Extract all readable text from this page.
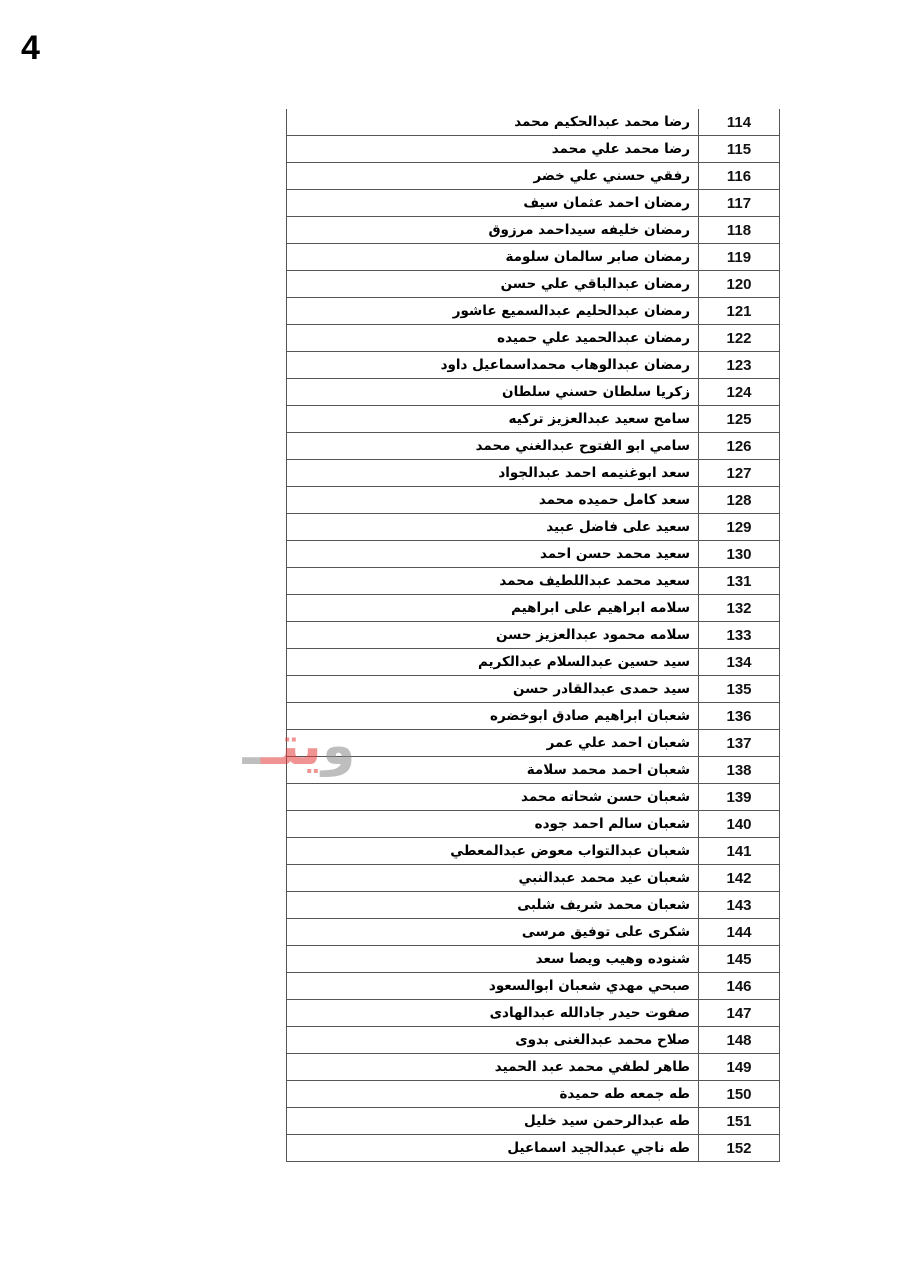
4
رضا محمد عبدالحكيم محمد	114
رضا محمد علي محمد	115
رفقي حسني علي خضر	116
رمضان احمد عثمان سيف	117
رمضان خليفه سيداحمد مرزوق	118
رمضان صابر سالمان سلومة	119
رمضان عبدالباقي علي حسن	120
رمضان عبدالحليم عبدالسميع عاشور	121
رمضان عبدالحميد علي حميده	122
رمضان عبدالوهاب محمداسماعيل داود	123
زكريا سلطان حسني سلطان	124
سامح سعيد عبدالعزيز تركيه	125
سامي ابو الفتوح عبدالغني محمد	126
سعد ابوغنيمه احمد عبدالجواد	127
سعد كامل حميده محمد	128
سعيد على فاضل عبيد	129
سعيد محمد حسن احمد	130
سعيد محمد عبداللطيف محمد	131
سلامه ابراهيم على ابراهيم	132
سلامه محمود عبدالعزيز حسن	133
سيد حسين عبدالسلام عبدالكريم	134
سيد حمدى عبدالقادر حسن	135
شعبان ابراهيم صادق ابوخضره	136
شعبان احمد علي عمر	137
شعبان احمد محمد سلامة	138
شعبان حسن شحاته محمد	139
شعبان سالم احمد جوده	140
شعبان عبدالتواب معوض عبدالمعطي	141
شعبان عيد محمد عبدالنبي	142
شعبان محمد شريف شلبى	143
شكرى على توفيق مرسى	144
شنوده وهيب ويصا سعد	145
صبحي مهدي شعبان ابوالسعود	146
صفوت حيدر جادالله عبدالهادى	147
صلاح محمد عبدالغنى بدوى	148
طاهر لطفي محمد عبد الحميد	149
طه جمعه طه حميدة	150
طه عبدالرحمن سيد خليل	151
طه ناجي عبدالجيد اسماعيل	152
ويتــ
